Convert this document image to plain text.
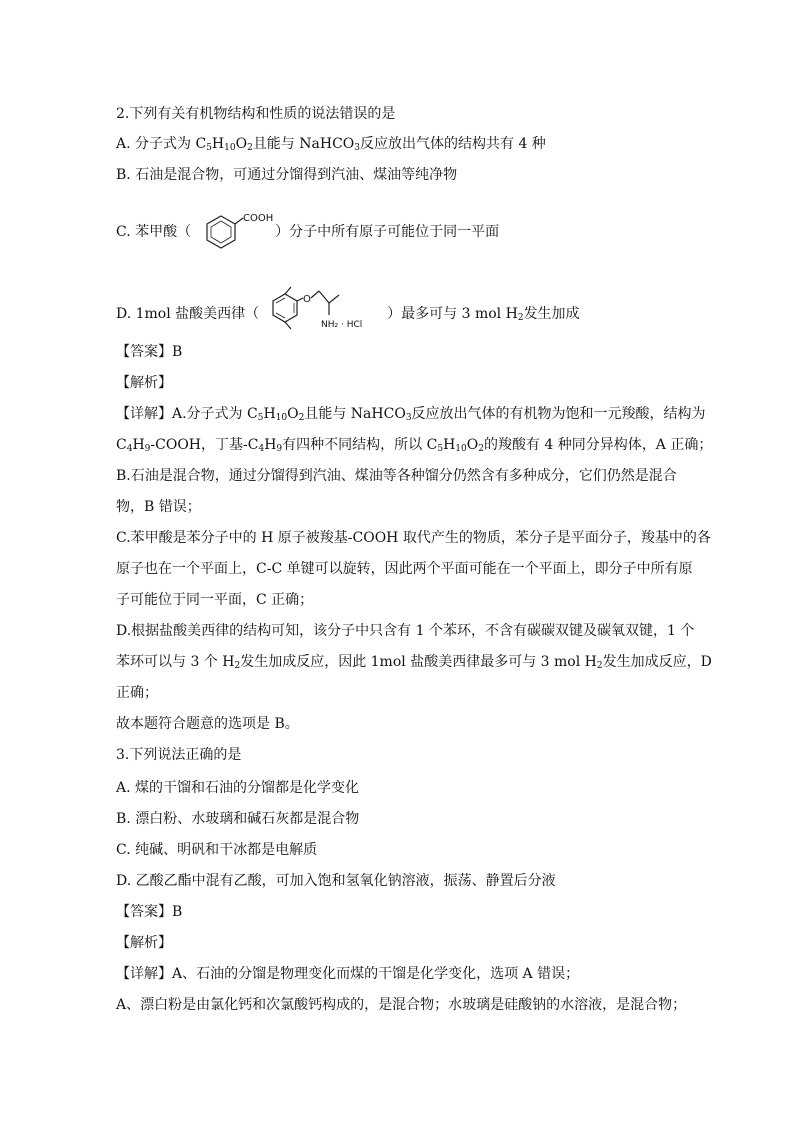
2.下列有关有机物结构和性质的说法错误的是
A. 分子式为 $C_5H_{10}O_2$且能与 NaHCO$_3$反应放出气体的结构共有 4 种
B. 石油是混合物，可通过分馏得到汽油、煤油等纯净物
C. 苯甲酸（
COOH
）分子中所有原子可能位于同一平面
D. 1mol 盐酸美西律（
O
NH₂ · HCl
）最多可与 3 mol $H_2$发生加成
【答案】B
【解析】
【详解】A.分子式为 $C_5H_{10}O_2$且能与 NaHCO$_3$反应放出气体的有机物为饱和一元羧酸，结构为
$C_4H_9$-COOH，丁基$-C_4H_9$有四种不同结构，所以 $C_5H_{10}O_2$的羧酸有 4 种同分异构体，A 正确；
B.石油是混合物，通过分馏得到汽油、煤油等各种馏分仍然含有多种成分，它们仍然是混合
物，B 错误；
C.苯甲酸是苯分子中的 H 原子被羧基-COOH 取代产生的物质，苯分子是平面分子，羧基中的各
原子也在一个平面上，C-C 单键可以旋转，因此两个平面可能在一个平面上，即分子中所有原
子可能位于同一平面，C 正确；
D.根据盐酸美西律的结构可知，该分子中只含有 1 个苯环，不含有碳碳双键及碳氧双键，1 个
苯环可以与 3 个 $H_2$发生加成反应，因此 1mol 盐酸美西律最多可与 3 mol $H_2$发生加成反应，D
正确；
故本题符合题意的选项是 B。
3.下列说法正确的是
A. 煤的干馏和石油的分馏都是化学变化
B. 漂白粉、水玻璃和碱石灰都是混合物
C. 纯碱、明矾和干冰都是电解质
D. 乙酸乙酯中混有乙酸，可加入饱和氢氧化钠溶液，振荡、静置后分液
【答案】B
【解析】
【详解】A、石油的分馏是物理变化而煤的干馏是化学变化，选项 A 错误；
A、漂白粉是由氯化钙和次氯酸钙构成的，是混合物；水玻璃是硅酸钠的水溶液，是混合物；
